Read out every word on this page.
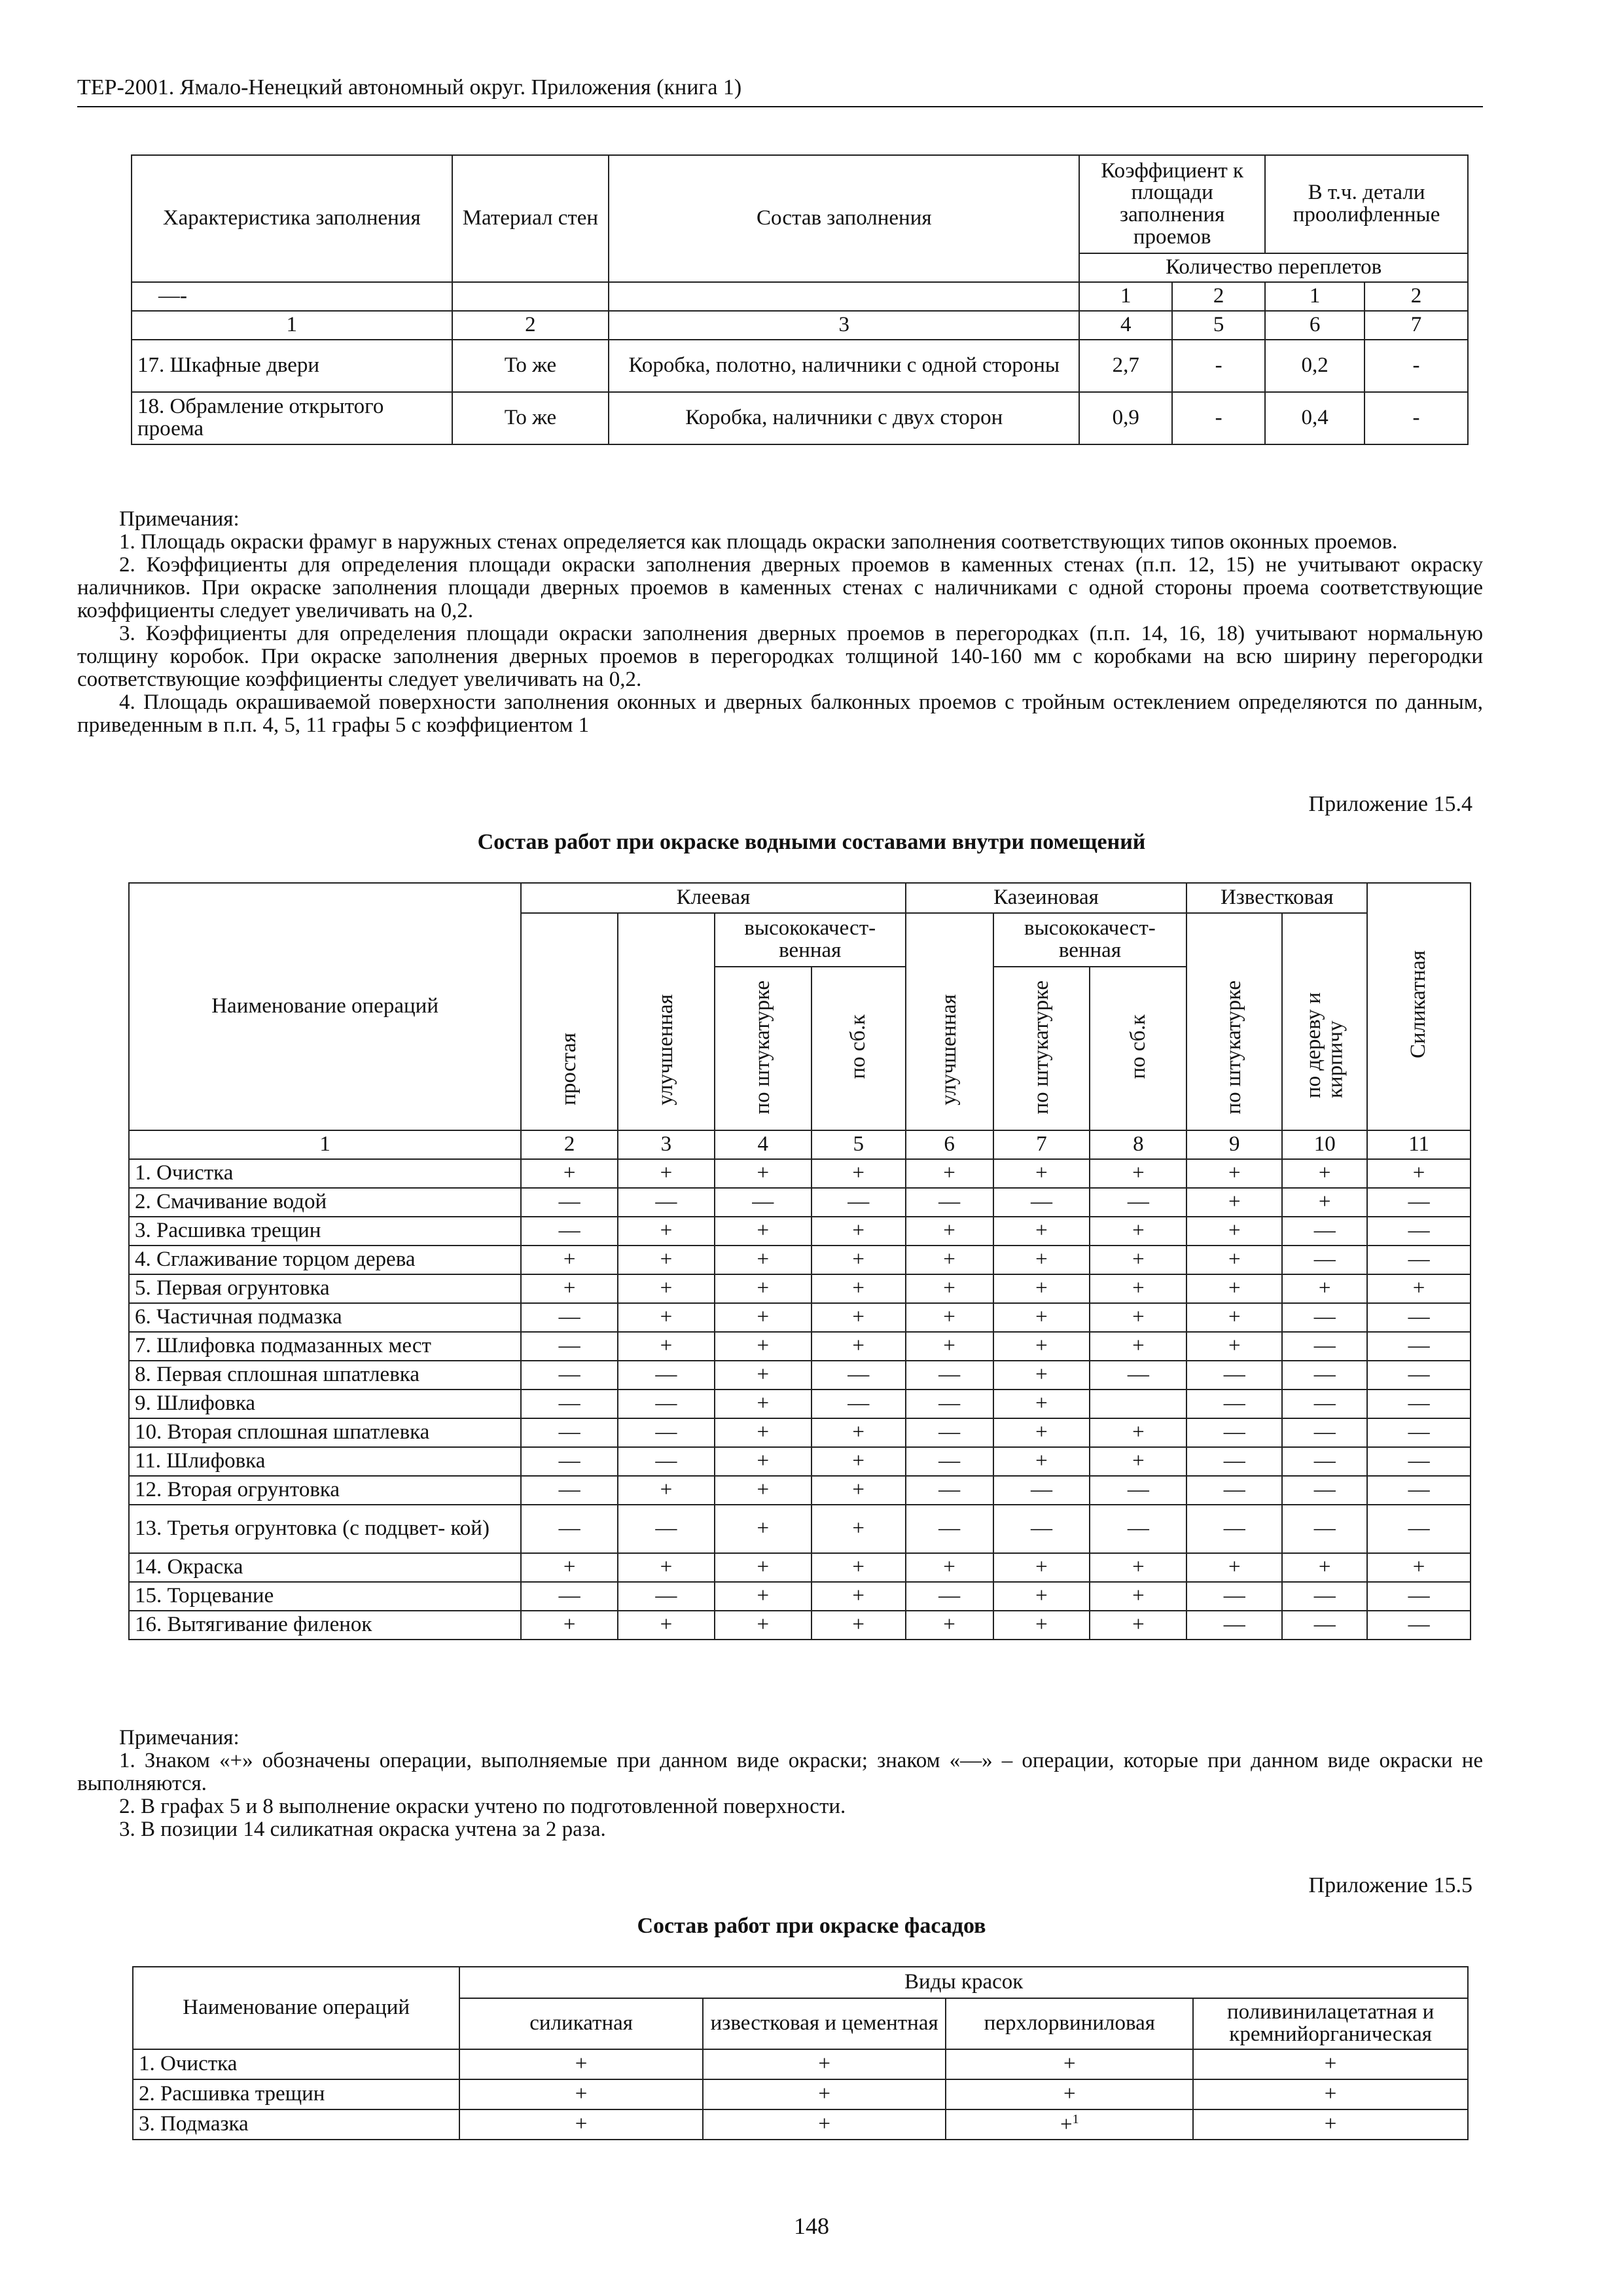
ТЕР-2001. Ямало-Ненецкий автономный округ. Приложения (книга 1)
Характеристика заполнения	Материал стен	Состав заполнения	Коэффициент к площади заполнения проемов		В т.ч. детали проолифленные	
			Количество переплетов			
—-			1	2	1	2
1	2	3	4	5	6	7
17. Шкафные двери	То же	Коробка, полотно, наличники с одной стороны	2,7	-	0,2	-
18. Обрамление открытого проема	То же	Коробка, наличники с двух сторон	0,9	-	0,4	-

Примечания:

1. Площадь окраски фрамуг в наружных стенах определяется как площадь окраски заполнения соответствующих типов оконных проемов.

2. Коэффициенты для определения площади окраски заполнения дверных проемов в каменных стенах (п.п. 12, 15) не учитывают окраску наличников. При окраске заполнения площади дверных проемов в каменных стенах с наличниками с одной стороны проема соответствующие коэффициенты следует увеличивать на 0,2.

3. Коэффициенты для определения площади окраски заполнения дверных проемов в перегородках (п.п. 14, 16, 18) учитывают нормальную толщину коробок. При окраске заполнения дверных проемов в перегородках толщиной 140-160 мм с коробками на всю ширину перегородки соответствующие коэффициенты следует увеличивать на 0,2.

4. Площадь окрашиваемой поверхности заполнения оконных и дверных балконных проемов с тройным остеклением определяются по данным, приведенным в п.п. 4, 5, 11 графы 5 с коэффициентом 1

Приложение 15.4
Состав работ при окраске водными составами внутри помещений
Наименование операций	Клеевая				Казеиновая			Известковая		Силикатная
	простая	улучшенная	высококачест- венная		улучшенная	высококачест- венная		по штукатурке	по дереву и кирпичу	
			по штукатурке	по сб.к		по штукатурке	по сб.к			
1	2	3	4	5	6	7	8	9	10	11
1. Очистка	+	+	+	+	+	+	+	+	+	+
2. Смачивание водой	—	—	—	—	—	—	—	+	+	—
3. Расшивка трещин	—	+	+	+	+	+	+	+	—	—
4. Сглаживание торцом дерева	+	+	+	+	+	+	+	+	—	—
5. Первая огрунтовка	+	+	+	+	+	+	+	+	+	+
6. Частичная подмазка	—	+	+	+	+	+	+	+	—	—
7. Шлифовка подмазанных мест	—	+	+	+	+	+	+	+	—	—
8. Первая сплошная шпатлевка	—	—	+	—	—	+	—	—	—	—
9. Шлифовка	—	—	+	—	—	+		—	—	—
10. Вторая сплошная шпатлевка	—	—	+	+	—	+	+	—	—	—
11. Шлифовка	—	—	+	+	—	+	+	—	—	—
12. Вторая огрунтовка	—	+	+	+	—	—	—	—	—	—
13. Третья огрунтовка (с подцвет- кой)	—	—	+	+	—	—	—	—	—	—
14. Окраска	+	+	+	+	+	+	+	+	+	+
15. Торцевание	—	—	+	+	—	+	+	—	—	—
16. Вытягивание филенок	+	+	+	+	+	+	+	—	—	—

Примечания:

1. Знаком «+» обозначены операции, выполняемые при данном виде окраски; знаком «—» – операции, которые при данном виде окраски не выполняются.

2. В графах 5 и 8 выполнение окраски учтено по подготовленной поверхности.

3. В позиции 14 силикатная окраска учтена за 2 раза.

Приложение 15.5
Состав работ при окраске фасадов
Наименование операций	Виды красок			
	силикатная	известковая и цементная	перхлорвиниловая	поливинилацетатная и кремнийорганическая
1. Очистка	+	+	+	+
2. Расшивка трещин	+	+	+	+
3. Подмазка	+	+	+$^1$	+
148
